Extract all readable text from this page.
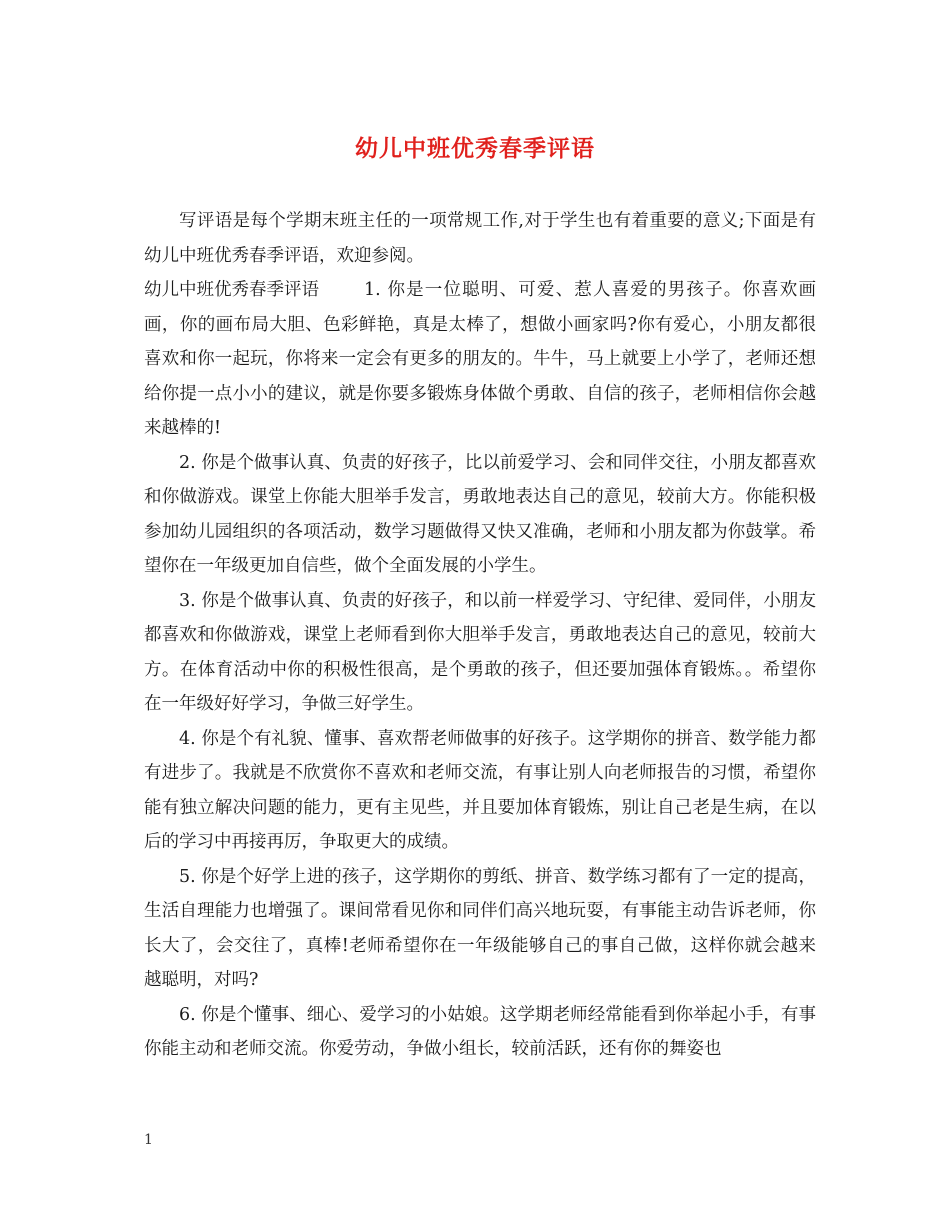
幼儿中班优秀春季评语

写评语是每个学期末班主任的一项常规工作,对于学生也有着重要的意义;下面是有幼儿中班优秀春季评语，欢迎参阅。

幼儿中班优秀春季评语	1. 你是一位聪明、可爱、惹人喜爱的男孩子。你喜欢画画，你的画布局大胆、色彩鲜艳，真是太棒了，想做小画家吗?你有爱心，小朋友都很喜欢和你一起玩，你将来一定会有更多的朋友的。牛牛，马上就要上小学了，老师还想给你提一点小小的建议，就是你要多锻炼身体做个勇敢、自信的孩子，老师相信你会越来越棒的!

2. 你是个做事认真、负责的好孩子，比以前爱学习、会和同伴交往，小朋友都喜欢和你做游戏。课堂上你能大胆举手发言，勇敢地表达自己的意见，较前大方。你能积极参加幼儿园组织的各项活动，数学习题做得又快又准确，老师和小朋友都为你鼓掌。希望你在一年级更加自信些，做个全面发展的小学生。

3. 你是个做事认真、负责的好孩子，和以前一样爱学习、守纪律、爱同伴，小朋友都喜欢和你做游戏，课堂上老师看到你大胆举手发言，勇敢地表达自己的意见，较前大方。在体育活动中你的积极性很高，是个勇敢的孩子，但还要加强体育锻炼。。希望你在一年级好好学习，争做三好学生。

4. 你是个有礼貌、懂事、喜欢帮老师做事的好孩子。这学期你的拼音、数学能力都有进步了。我就是不欣赏你不喜欢和老师交流，有事让别人向老师报告的习惯，希望你能有独立解决问题的能力，更有主见些，并且要加体育锻炼，别让自己老是生病，在以后的学习中再接再厉，争取更大的成绩。

5. 你是个好学上进的孩子，这学期你的剪纸、拼音、数学练习都有了一定的提高，生活自理能力也增强了。课间常看见你和同伴们高兴地玩耍，有事能主动告诉老师，你长大了，会交往了，真棒!老师希望你在一年级能够自己的事自己做，这样你就会越来越聪明，对吗?

6. 你是个懂事、细心、爱学习的小姑娘。这学期老师经常能看到你举起小手，有事你能主动和老师交流。你爱劳动，争做小组长，较前活跃，还有你的舞姿也

1
